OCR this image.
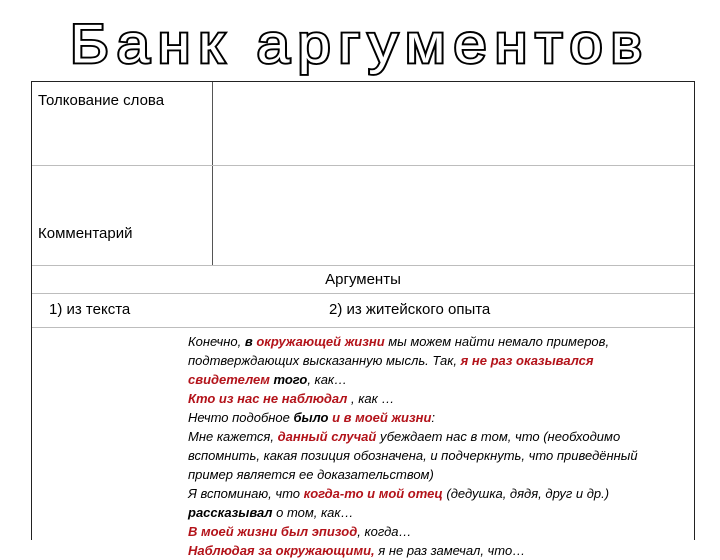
Банк аргументов
Толкование слова
Комментарий
Аргументы
1) из текста	2) из житейского опыта

Конечно, в окружающей жизни мы можем найти немало примеров, подтверждающих высказанную мысль. Так, я не раз оказывался свидетелем того, как…

Кто из нас не наблюдал , как …

Нечто подобное было и в моей жизни:

Мне кажется, данный случай убеждает нас в том, что (необходимо вспомнить, какая позиция обозначена, и подчеркнуть, что приведённый пример является ее доказательством)

Я вспоминаю, что когда-то и мой отец (дедушка, дядя, друг и др.) рассказывал о том, как…

В моей жизни был эпизод, когда…

Наблюдая за окружающими, я не раз замечал, что…
